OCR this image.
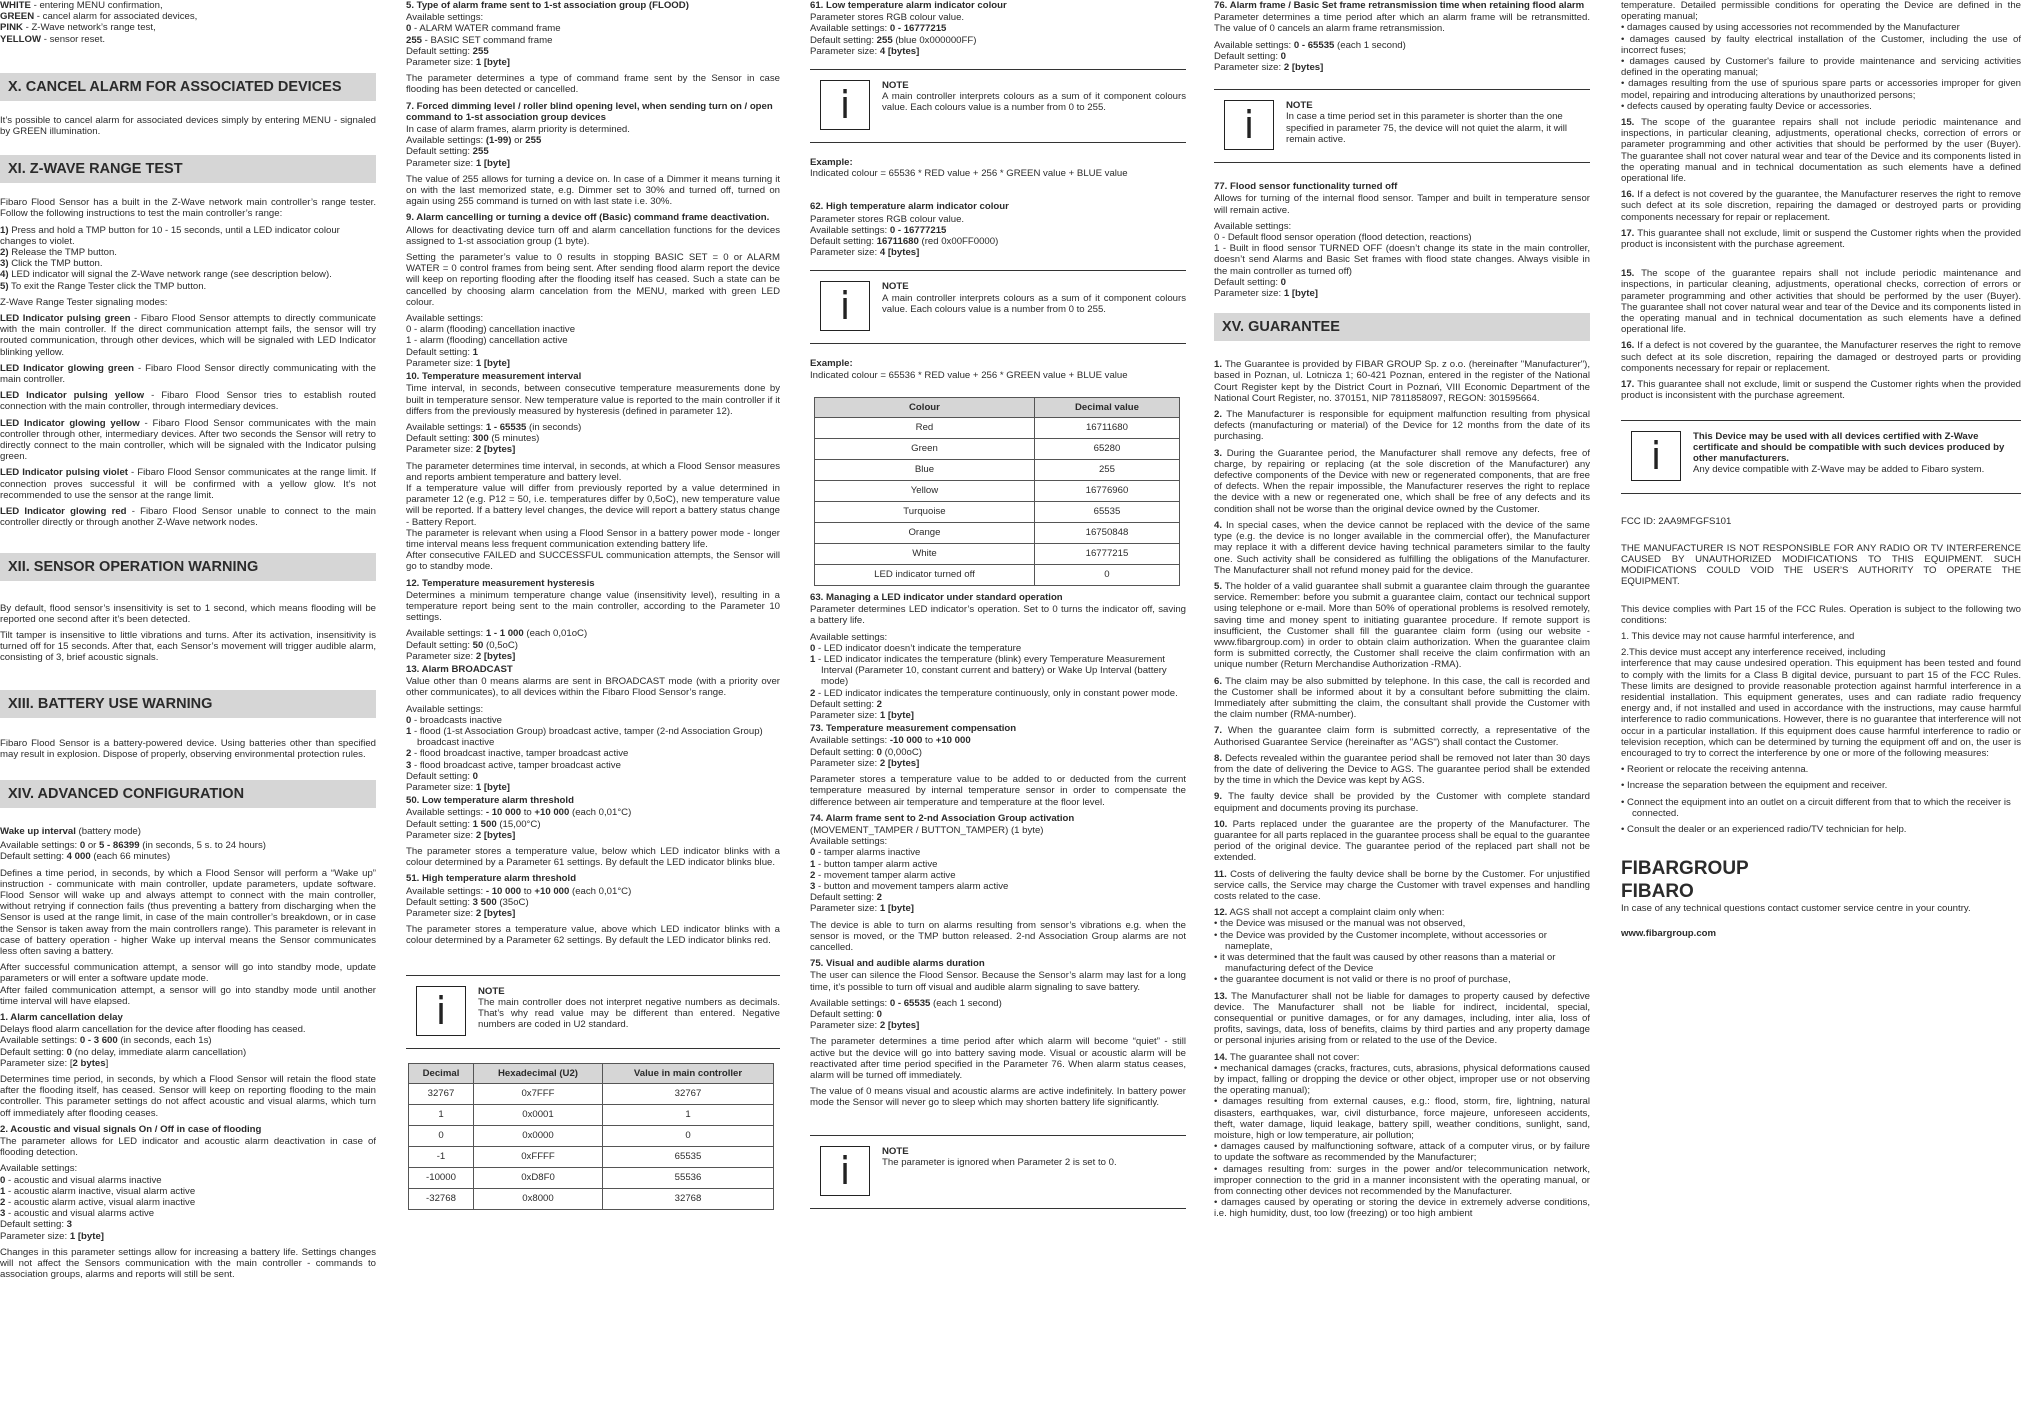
WHITE - entering MENU confirmation,
GREEN - cancel alarm for associated devices,
PINK - Z-Wave network’s range test,
YELLOW - sensor reset.
X. CANCEL ALARM FOR ASSOCIATED DEVICES

It’s possible to cancel alarm for associated devices simply by entering MENU - signaled by GREEN illumination.

XI. Z-WAVE RANGE TEST

Fibaro Flood Sensor has a built in the Z-Wave network main controller’s range tester. Follow the following instructions to test the main controller’s range:

1) Press and hold a TMP button for 10 - 15 seconds, until a LED indicator colour changes to violet.
2) Release the TMP button.
3) Click the TMP button.
4) LED indicator will signal the Z-Wave network range (see description below).
5) To exit the Range Tester click the TMP button.

Z-Wave Range Tester signaling modes:

LED Indicator pulsing green - Fibaro Flood Sensor attempts to directly communicate with the main controller. If the direct communication attempt fails, the sensor will try routed communication, through other devices, which will be signaled with LED Indicator blinking yellow.

LED Indicator glowing green - Fibaro Flood Sensor directly communicating with the main controller.

LED Indicator pulsing yellow - Fibaro Flood Sensor tries to establish routed connection with the main controller, through intermediary devices.

LED Indicator glowing yellow - Fibaro Flood Sensor communicates with the main controller through other, intermediary devices. After two seconds the Sensor will retry to directly connect to the main controller, which will be signaled with the Indicator pulsing green.

LED Indicator pulsing violet - Fibaro Flood Sensor communicates at the range limit. If connection proves successful it will be confirmed with a yellow glow. It’s not recommended to use the sensor at the range limit.

LED Indicator glowing red - Fibaro Flood Sensor unable to connect to the main controller directly or through another Z-Wave network nodes.

XII. SENSOR OPERATION WARNING

By default, flood sensor’s insensitivity is set to 1 second, which means flooding will be reported one second after it’s been detected.

Tilt tamper is insensitive to little vibrations and turns. After its activation, insensitivity is turned off for 15 seconds. After that, each Sensor’s movement will trigger audible alarm, consisting of 3, brief acoustic signals.

XIII. BATTERY USE WARNING

Fibaro Flood Sensor is a battery-powered device. Using batteries other than specified may result in explosion. Dispose of properly, observing environmental protection rules.

XIV. ADVANCED CONFIGURATION

Wake up interval (battery mode)

Available settings: 0 or 5 - 86399 (in seconds, 5 s. to 24 hours)
Default setting: 4 000 (each 66 minutes)

Defines a time period, in seconds, by which a Flood Sensor will perform a “Wake up” instruction - communicate with main controller, update parameters, update software. Flood Sensor will wake up and always attempt to connect with the main controller, without retrying if connection fails (thus preventing a battery from discharging when the Sensor is used at the range limit, in case of the main controller’s breakdown, or in case the Sensor is taken away from the main controllers range). This parameter is relevant in case of battery operation - higher Wake up interval means the Sensor communicates less often saving a battery.

After successful communication attempt, a sensor will go into standby mode, update parameters or will enter a software update mode.

After failed communication attempt, a sensor will go into standby mode until another time interval will have elapsed.

1. Alarm cancellation delay
Delays flood alarm cancellation for the device after flooding has ceased.
Available settings: 0 - 3 600 (in seconds, each 1s)
Default setting: 0 (no delay, immediate alarm cancellation)
Parameter size: [2 bytes]

Determines time period, in seconds, by which a Flood Sensor will retain the flood state after the flooding itself, has ceased. Sensor will keep on reporting flooding to the main controller. This parameter settings do not affect acoustic and visual alarms, which turn off immediately after flooding ceases.

2. Acoustic and visual signals On / Off in case of flooding

The parameter allows for LED indicator and acoustic alarm deactivation in case of flooding detection.

Available settings:
0 - acoustic and visual alarms inactive
1 - acoustic alarm inactive, visual alarm active
2 - acoustic alarm active, visual alarm inactive
3 - acoustic and visual alarms active
Default setting: 3
Parameter size: 1 [byte]

Changes in this parameter settings allow for increasing a battery life. Settings changes will not affect the Sensors communication with the main controller - commands to association groups, alarms and reports will still be sent.

5. Type of alarm frame sent to 1-st association group (FLOOD)
Available settings:
0 - ALARM WATER command frame
255 - BASIC SET command frame
Default setting: 255
Parameter size: 1 [byte]

The parameter determines a type of command frame sent by the Sensor in case flooding has been detected or cancelled.

7. Forced dimming level / roller blind opening level, when sending turn on / open command to 1-st association group devices
In case of alarm frames, alarm priority is determined.
Available settings: (1-99) or 255
Default setting: 255
Parameter size: 1 [byte]

The value of 255 allows for turning a device on. In case of a Dimmer it means turning it on with the last memorized state, e.g. Dimmer set to 30% and turned off, turned on again using 255 command is turned on with last state i.e. 30%.

9. Alarm cancelling or turning a device off (Basic) command frame deactivation.

Allows for deactivating device turn off and alarm cancellation functions for the devices assigned to 1-st association group (1 byte).

Setting the parameter’s value to 0 results in stopping BASIC SET = 0 or ALARM WATER = 0 control frames from being sent. After sending flood alarm report the device will keep on reporting flooding after the flooding itself has ceased. Such a state can be cancelled by choosing alarm cancelation from the MENU, marked with green LED colour.

Available settings:
0 - alarm (flooding) cancellation inactive
1 - alarm (flooding) cancellation active
Default setting: 1
Parameter size: 1 [byte]
10. Temperature measurement interval

Time interval, in seconds, between consecutive temperature measurements done by built in temperature sensor. New temperature value is reported to the main controller if it differs from the previously measured by hysteresis (defined in parameter 12).

Available settings: 1 - 65535 (in seconds)
Default setting: 300 (5 minutes)
Parameter size: 2 [bytes]

The parameter determines time interval, in seconds, at which a Flood Sensor measures and reports ambient temperature and battery level.

If a temperature value will differ from previously reported by a value determined in parameter 12 (e.g. P12 = 50, i.e. temperatures differ by 0,5oC), new temperature value will be reported. If a battery level changes, the device will report a battery status change - Battery Report.

The parameter is relevant when using a Flood Sensor in a battery power mode - longer time interval means less frequent communication extending battery life.

After consecutive FAILED and SUCCESSFUL communication attempts, the Sensor will go to standby mode.

12. Temperature measurement hysteresis

Determines a minimum temperature change value (insensitivity level), resulting in a temperature report being sent to the main controller, according to the Parameter 10 settings.

Available settings: 1 - 1 000 (each 0,01oC)
Default setting: 50 (0,5oC)
Parameter size: 2 [bytes]
13. Alarm BROADCAST

Value other than 0 means alarms are sent in BROADCAST mode (with a priority over other communicates), to all devices within the Fibaro Flood Sensor’s range.

Available settings:
0 - broadcasts inactive
1 - flood (1-st Association Group) broadcast active, tamper (2-nd Association Group) broadcast inactive
2 - flood broadcast inactive, tamper broadcast active
3 - flood broadcast active, tamper broadcast active
Default setting: 0
Parameter size: 1 [byte]
50. Low temperature alarm threshold
Available settings: - 10 000 to +10 000 (each 0,01°C)
Default setting: 1 500 (15,00°C)
Parameter size: 2 [bytes]

The parameter stores a temperature value, below which LED indicator blinks with a colour determined by a Parameter 61 settings. By default the LED indicator blinks blue.

51. High temperature alarm threshold
Available settings: - 10 000 to +10 000 (each 0,01°C)
Default setting: 3 500 (35oC)
Parameter size: 2 [bytes]

The parameter stores a temperature value, above which LED indicator blinks with a colour determined by a Parameter 62 settings. By default the LED indicator blinks red.

i	NOTE
The main controller does not interpret negative numbers as decimals. That’s why read value may be different than entered. Negative numbers are coded in U2 standard.
Decimal	Hexadecimal (U2)	Value in main controller
32767	0x7FFF	32767
1	0x0001	1
0	0x0000	0
-1	0xFFFF	65535
-10000	0xD8F0	55536
-32768	0x8000	32768
61. Low temperature alarm indicator colour
Parameter stores RGB colour value.
Available settings: 0 - 16777215
Default setting: 255 (blue 0x000000FF)
Parameter size: 4 [bytes]
i	NOTE
A main controller interprets colours as a sum of it component colours value. Each colours value is a number from 0 to 255.
Example:
Indicated colour = 65536 * RED value + 256 * GREEN value + BLUE value
62. High temperature alarm indicator colour
Parameter stores RGB colour value.
Available settings: 0 - 16777215
Default setting: 16711680 (red 0x00FF0000)
Parameter size: 4 [bytes]
i	NOTE
A main controller interprets colours as a sum of it component colours value. Each colours value is a number from 0 to 255.
Example:
Indicated colour = 65536 * RED value + 256 * GREEN value + BLUE value
Colour	Decimal value
Red	16711680
Green	65280
Blue	255
Yellow	16776960
Turquoise	65535
Orange	16750848
White	16777215
LED indicator turned off	0
63. Managing a LED indicator under standard operation

Parameter determines LED indicator’s operation. Set to 0 turns the indicator off, saving a battery life.

Available settings:
0 - LED indicator doesn’t indicate the temperature
1 - LED indicator indicates the temperature (blink) every Temperature Measurement Interval (Parameter 10, constant current and battery) or Wake Up Interval (battery mode)
2 - LED indicator indicates the temperature continuously, only in constant power mode.
Default setting: 2
Parameter size: 1 [byte]
73. Temperature measurement compensation
Available settings: -10 000 to +10 000
Default setting: 0 (0,00oC)
Parameter size: 2 [bytes]

Parameter stores a temperature value to be added to or deducted from the current temperature measured by internal temperature sensor in order to compensate the difference between air temperature and temperature at the floor level.

74. Alarm frame sent to 2-nd Association Group activation
(MOVEMENT_TAMPER / BUTTON_TAMPER) (1 byte)
Available settings:
0 - tamper alarms inactive
1 - button tamper alarm active
2 - movement tamper alarm active
3 - button and movement tampers alarm active
Default setting: 2
Parameter size: 1 [byte]

The device is able to turn on alarms resulting from sensor’s vibrations e.g. when the sensor is moved, or the TMP button released. 2-nd Association Group alarms are not cancelled.

75. Visual and audible alarms duration

The user can silence the Flood Sensor. Because the Sensor’s alarm may last for a long time, it’s possible to turn off visual and audible alarm signaling to save battery.

Available settings: 0 - 65535 (each 1 second)
Default setting: 0
Parameter size: 2 [bytes]

The parameter determines a time period after which alarm will become “quiet” - still active but the device will go into battery saving mode. Visual or acoustic alarm will be reactivated after time period specified in the Parameter 76. When alarm status ceases, alarm will be turned off immediately.

The value of 0 means visual and acoustic alarms are active indefinitely. In battery power mode the Sensor will never go to sleep which may shorten battery life significantly.

i	NOTE
The parameter is ignored when Parameter 2 is set to 0.
76. Alarm frame / Basic Set frame retransmission time when retaining flood alarm

Parameter determines a time period after which an alarm frame will be retransmitted. The value of 0 cancels an alarm frame retransmission.

Available settings: 0 - 65535 (each 1 second)
Default setting: 0
Parameter size: 2 [bytes]
i	NOTE
In case a time period set in this parameter is shorter than the one specified in parameter 75, the device will not quiet the alarm, it will remain active.
77. Flood sensor functionality turned off

Allows for turning of the internal flood sensor. Tamper and built in temperature sensor will remain active.

Available settings:
0 - Default flood sensor operation (flood detection, reactions)
1 - Built in flood sensor TURNED OFF (doesn’t change its state in the main controller, doesn’t send Alarms and Basic Set frames with flood state changes. Always visible in the main controller as turned off)
Default setting: 0
Parameter size: 1 [byte]
XV. GUARANTEE

1. The Guarantee is provided by FIBAR GROUP Sp. z o.o. (hereinafter "Manufacturer"), based in Poznan, ul. Lotnicza 1; 60-421 Poznan, entered in the register of the National Court Register kept by the District Court in Poznań, VIII Economic Department of the National Court Register, no. 370151, NIP 7811858097, REGON: 301595664.

2. The Manufacturer is responsible for equipment malfunction resulting from physical defects (manufacturing or material) of the Device for 12 months from the date of its purchasing.

3. During the Guarantee period, the Manufacturer shall remove any defects, free of charge, by repairing or replacing (at the sole discretion of the Manufacturer) any defective components of the Device with new or regenerated components, that are free of defects. When the repair impossible, the Manufacturer reserves the right to replace the device with a new or regenerated one, which shall be free of any defects and its condition shall not be worse than the original device owned by the Customer.

4. In special cases, when the device cannot be replaced with the device of the same type (e.g. the device is no longer available in the commercial offer), the Manufacturer may replace it with a different device having technical parameters similar to the faulty one. Such activity shall be considered as fulfilling the obligations of the Manufacturer. The Manufacturer shall not refund money paid for the device.

5. The holder of a valid guarantee shall submit a guarantee claim through the guarantee service. Remember: before you submit a guarantee claim, contact our technical support using telephone or e-mail. More than 50% of operational problems is resolved remotely, saving time and money spent to initiating guarantee procedure. If remote support is insufficient, the Customer shall fill the guarantee claim form (using our website - www.fibargroup.com) in order to obtain claim authorization. When the guarantee claim form is submitted correctly, the Customer shall receive the claim confirmation with an unique number (Return Merchandise Authorization -RMA).

6. The claim may be also submitted by telephone. In this case, the call is recorded and the Customer shall be informed about it by a consultant before submitting the claim. Immediately after submitting the claim, the consultant shall provide the Customer with the claim number (RMA-number).

7. When the guarantee claim form is submitted correctly, a representative of the Authorised Guarantee Service (hereinafter as "AGS") shall contact the Customer.

8. Defects revealed within the guarantee period shall be removed not later than 30 days from the date of delivering the Device to AGS. The guarantee period shall be extended by the time in which the Device was kept by AGS.

9. The faulty device shall be provided by the Customer with complete standard equipment and documents proving its purchase.

10. Parts replaced under the guarantee are the property of the Manufacturer. The guarantee for all parts replaced in the guarantee process shall be equal to the guarantee period of the original device. The guarantee period of the replaced part shall not be extended.

11. Costs of delivering the faulty device shall be borne by the Customer. For unjustified service calls, the Service may charge the Customer with travel expenses and handling costs related to the case.

12. AGS shall not accept a complaint claim only when:
• the Device was misused or the manual was not observed,
• the Device was provided by the Customer incomplete, without accessories or nameplate,
• it was determined that the fault was caused by other reasons than a material or manufacturing defect of the Device
• the guarantee document is not valid or there is no proof of purchase,

13. The Manufacturer shall not be liable for damages to property caused by defective device. The Manufacturer shall not be liable for indirect, incidental, special, consequential or punitive damages, or for any damages, including, inter alia, loss of profits, savings, data, loss of benefits, claims by third parties and any property damage or personal injuries arising from or related to the use of the Device.

14. The guarantee shall not cover:

• mechanical damages (cracks, fractures, cuts, abrasions, physical deformations caused by impact, falling or dropping the device or other object, improper use or not observing the operating manual);

• damages resulting from external causes, e.g.: flood, storm, fire, lightning, natural disasters, earthquakes, war, civil disturbance, force majeure, unforeseen accidents, theft, water damage, liquid leakage, battery spill, weather conditions, sunlight, sand, moisture, high or low temperature, air pollution;

• damages caused by malfunctioning software, attack of a computer virus, or by failure to update the software as recommended by the Manufacturer;

• damages resulting from: surges in the power and/or telecommunication network, improper connection to the grid in a manner inconsistent with the operating manual, or from connecting other devices not recommended by the Manufacturer.

• damages caused by operating or storing the device in extremely adverse conditions, i.e. high humidity, dust, too low (freezing) or too high ambient

temperature. Detailed permissible conditions for operating the Device are defined in the operating manual;

• damages caused by using accessories not recommended by the Manufacturer

• damages caused by faulty electrical installation of the Customer, including the use of incorrect fuses;

• damages caused by Customer's failure to provide maintenance and servicing activities defined in the operating manual;

• damages resulting from the use of spurious spare parts or accessories improper for given model, repairing and introducing alterations by unauthorized persons;

• defects caused by operating faulty Device or accessories.

15. The scope of the guarantee repairs shall not include periodic maintenance and inspections, in particular cleaning, adjustments, operational checks, correction of errors or parameter programming and other activities that should be performed by the user (Buyer). The guarantee shall not cover natural wear and tear of the Device and its components listed in the operating manual and in technical documentation as such elements have a defined operational life.

16. If a defect is not covered by the guarantee, the Manufacturer reserves the right to remove such defect at its sole discretion, repairing the damaged or destroyed parts or providing components necessary for repair or replacement.

17. This guarantee shall not exclude, limit or suspend the Customer rights when the provided product is inconsistent with the purchase agreement.

15. The scope of the guarantee repairs shall not include periodic maintenance and inspections, in particular cleaning, adjustments, operational checks, correction of errors or parameter programming and other activities that should be performed by the user (Buyer). The guarantee shall not cover natural wear and tear of the Device and its components listed in the operating manual and in technical documentation as such elements have a defined operational life.

16. If a defect is not covered by the guarantee, the Manufacturer reserves the right to remove such defect at its sole discretion, repairing the damaged or destroyed parts or providing components necessary for repair or replacement.

17. This guarantee shall not exclude, limit or suspend the Customer rights when the provided product is inconsistent with the purchase agreement.

i	This Device may be used with all devices certified with Z-Wave certificate and should be compatible with such devices produced by other manufacturers.
Any device compatible with Z-Wave may be added to Fibaro system.

FCC ID: 2AA9MFGFS101

THE MANUFACTURER IS NOT RESPONSIBLE FOR ANY RADIO OR TV INTERFERENCE CAUSED BY UNAUTHORIZED MODIFICATIONS TO THIS EQUIPMENT. SUCH MODIFICATIONS COULD VOID THE USER’S AUTHORITY TO OPERATE THE EQUIPMENT.

This device complies with Part 15 of the FCC Rules. Operation is subject to the following two conditions:

1. This device may not cause harmful interference, and

2.This device must accept any interference received, including

interference that may cause undesired operation. This equipment has been tested and found to comply with the limits for a Class B digital device, pursuant to part 15 of the FCC Rules. These limits are designed to provide reasonable protection against harmful interference in a residential installation. This equipment generates, uses and can radiate radio frequency energy and, if not installed and used in accordance with the instructions, may cause harmful interference to radio communications. However, there is no guarantee that interference will not occur in a particular installation. If this equipment does cause harmful interference to radio or television reception, which can be determined by turning the equipment off and on, the user is encouraged to try to correct the interference by one or more of the following measures:

• Reorient or relocate the receiving antenna.
• Increase the separation between the equipment and receiver.
• Connect the equipment into an outlet on a circuit different from that to which the receiver is connected.
• Consult the dealer or an experienced radio/TV technician for help.
FIBARGROUP
FIBARO

In case of any technical questions contact customer service centre in your country.

www.fibargroup.com
